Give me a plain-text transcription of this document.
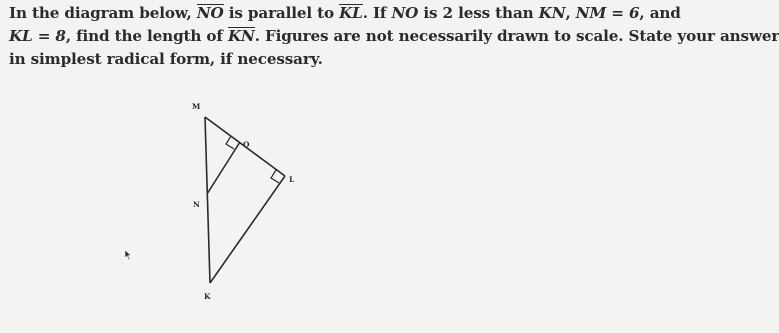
In the diagram below, NO is parallel to KL. If NO is 2 less than KN, NM = 6, and
KL = 8, find the length of KN. Figures are not necessarily drawn to scale. State your answer
in simplest radical form, if necessary.
M
O
L
N
K
